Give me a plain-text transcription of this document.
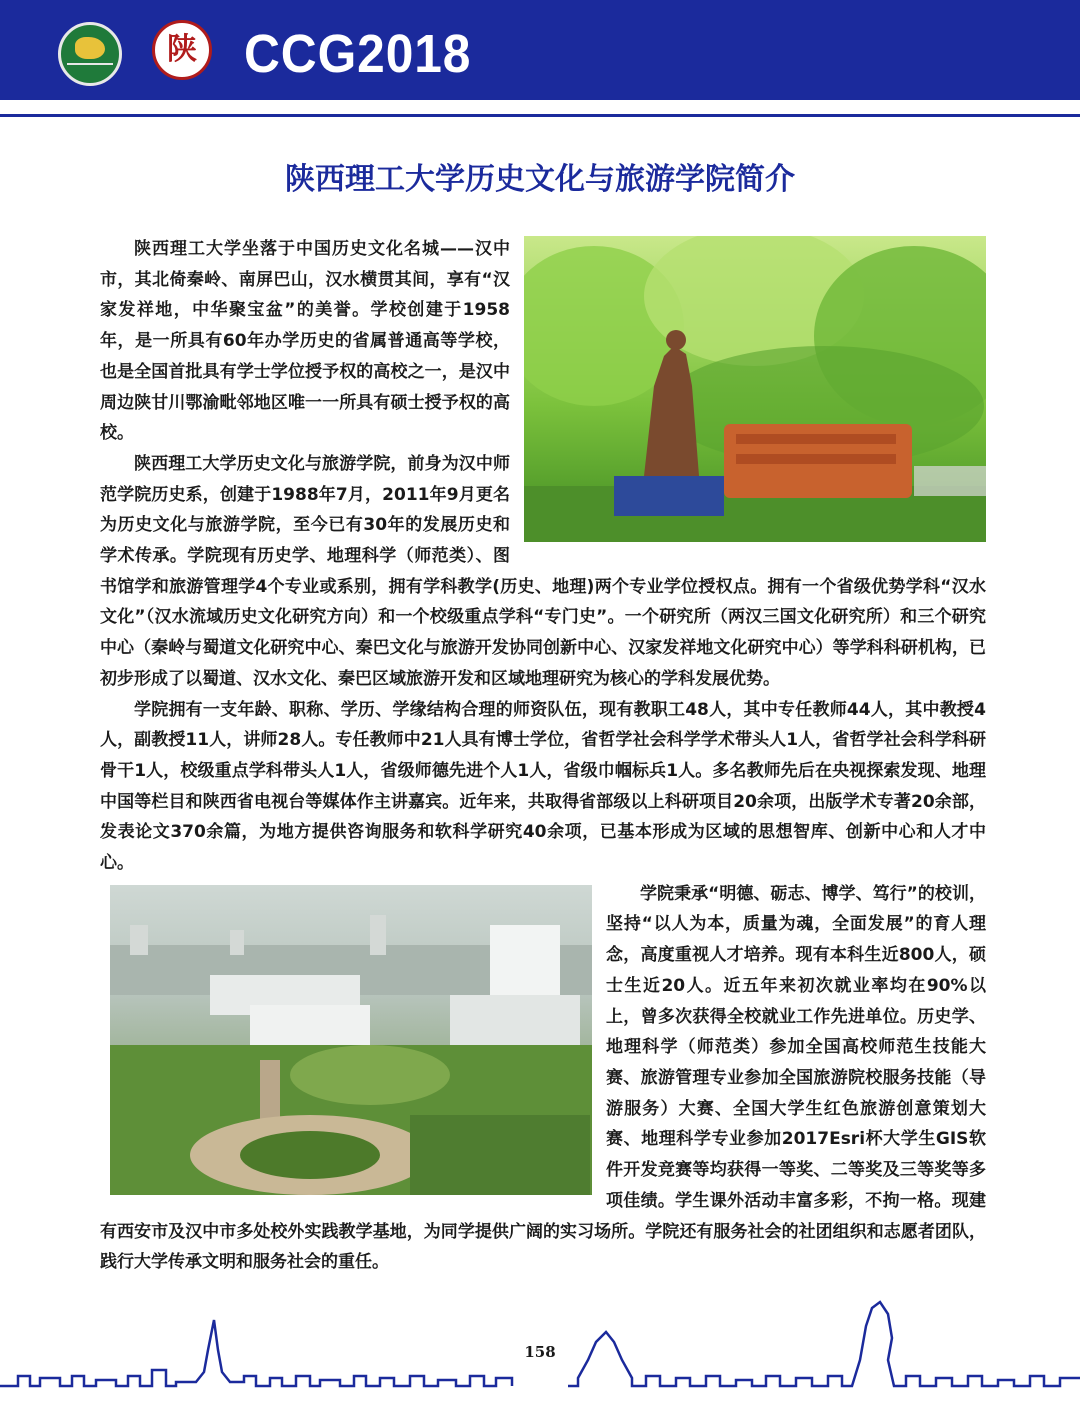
陕 CCG2018
陕西理工大学历史文化与旅游学院简介

陕西理工大学坐落于中国历史文化名城——汉中市，其北倚秦岭、南屏巴山，汉水横贯其间，享有“汉家发祥地，中华聚宝盆”的美誉。学校创建于1958年，是一所具有60年办学历史的省属普通高等学校，也是全国首批具有学士学位授予权的高校之一，是汉中周边陕甘川鄂渝毗邻地区唯一一所具有硕士授予权的高校。

陕西理工大学历史文化与旅游学院，前身为汉中师范学院历史系，创建于1988年7月，2011年9月更名为历史文化与旅游学院，至今已有30年的发展历史和学术传承。学院现有历史学、地理科学（师范类）、图书馆学和旅游管理学4个专业或系别，拥有学科教学(历史、地理)两个专业学位授权点。拥有一个省级优势学科“汉水文化”（汉水流域历史文化研究方向）和一个校级重点学科“专门史”。一个研究所（两汉三国文化研究所）和三个研究中心（秦岭与蜀道文化研究中心、秦巴文化与旅游开发协同创新中心、汉家发祥地文化研究中心）等学科科研机构，已初步形成了以蜀道、汉水文化、秦巴区域旅游开发和区域地理研究为核心的学科发展优势。

学院拥有一支年龄、职称、学历、学缘结构合理的师资队伍，现有教职工48人，其中专任教师44人，其中教授4人，副教授11人，讲师28人。专任教师中21人具有博士学位，省哲学社会科学学术带头人1人，省哲学社会科学科研骨干1人，校级重点学科带头人1人，省级师德先进个人1人，省级巾帼标兵1人。多名教师先后在央视探索发现、地理中国等栏目和陕西省电视台等媒体作主讲嘉宾。近年来，共取得省部级以上科研项目20余项，出版学术专著20余部，发表论文370余篇，为地方提供咨询服务和软科学研究40余项，已基本形成为区域的思想智库、创新中心和人才中心。

学院秉承“明德、砺志、博学、笃行”的校训，坚持“以人为本，质量为魂，全面发展”的育人理念，高度重视人才培养。现有本科生近800人，硕士生近20人。近五年来初次就业率均在90%以上，曾多次获得全校就业工作先进单位。历史学、地理科学（师范类）参加全国高校师范生技能大赛、旅游管理专业参加全国旅游院校服务技能（导游服务）大赛、全国大学生红色旅游创意策划大赛、地理科学专业参加2017Esri杯大学生GIS软件开发竞赛等均获得一等奖、二等奖及三等奖等多项佳绩。学生课外活动丰富多彩，不拘一格。现建有西安市及汉中市多处校外实践教学基地，为同学提供广阔的实习场所。学院还有服务社会的社团组织和志愿者团队，践行大学传承文明和服务社会的重任。

158
